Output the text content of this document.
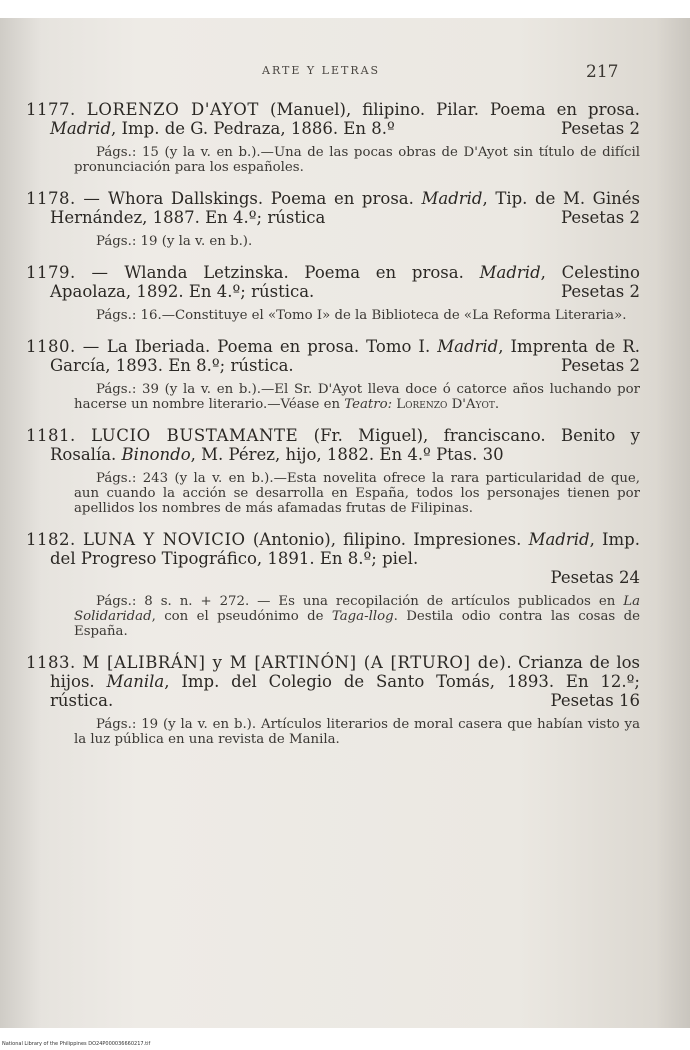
ARTE Y LETRAS	217
1177. LORENZO D'AYOT (Manuel), filipino. Pilar. Poema en prosa. Madrid, Imp. de G. Pedraza, 1886. En 8.º	Pesetas 2
Págs.: 15 (y la v. en b.).—Una de las pocas obras de D'Ayot sin título de difícil pronunciación para los españoles.
1178. — Whora Dallskings. Poema en prosa. Madrid, Tip. de M. Ginés Hernández, 1887. En 4.º; rústica	Pesetas 2
Págs.: 19 (y la v. en b.).
1179. — Wlanda Letzinska. Poema en prosa. Madrid, Celestino Apaolaza, 1892. En 4.º; rústica.	Pesetas 2
Págs.: 16.—Constituye el «Tomo I» de la Biblioteca de «La Reforma Literaria».
1180. — La Iberiada. Poema en prosa. Tomo I. Madrid, Imprenta de R. García, 1893. En 8.º; rústica.	Pesetas 2
Págs.: 39 (y la v. en b.).—El Sr. D'Ayot lleva doce ó catorce años luchando por hacerse un nombre literario.—Véase en Teatro: Lorenzo D'Ayot.
1181. LUCIO BUSTAMANTE (Fr. Miguel), franciscano. Benito y Rosalía. Binondo, M. Pérez, hijo, 1882. En 4.º Ptas. 30
Págs.: 243 (y la v. en b.).—Esta novelita ofrece la rara particularidad de que, aun cuando la acción se desarrolla en España, todos los personajes tienen por apellidos los nombres de más afamadas frutas de Filipinas.
1182. LUNA Y NOVICIO (Antonio), filipino. Impresiones. Madrid, Imp. del Progreso Tipográfico, 1891. En 8.º; piel.
Pesetas 24
Págs.: 8 s. n. + 272. — Es una recopilación de artículos publicados en La Solidaridad, con el pseudónimo de Taga-llog. Destila odio contra las cosas de España.
1183. M [ALIBRÁN] y M [ARTINÓN] (A [RTURO] de). Crianza de los hijos. Manila, Imp. del Colegio de Santo Tomás, 1893. En 12.º; rústica.	Pesetas 16
Págs.: 19 (y la v. en b.). Artículos literarios de moral casera que habían visto ya la luz pública en una revista de Manila.
National Library of the Philippines DO24P000036660217.tif
